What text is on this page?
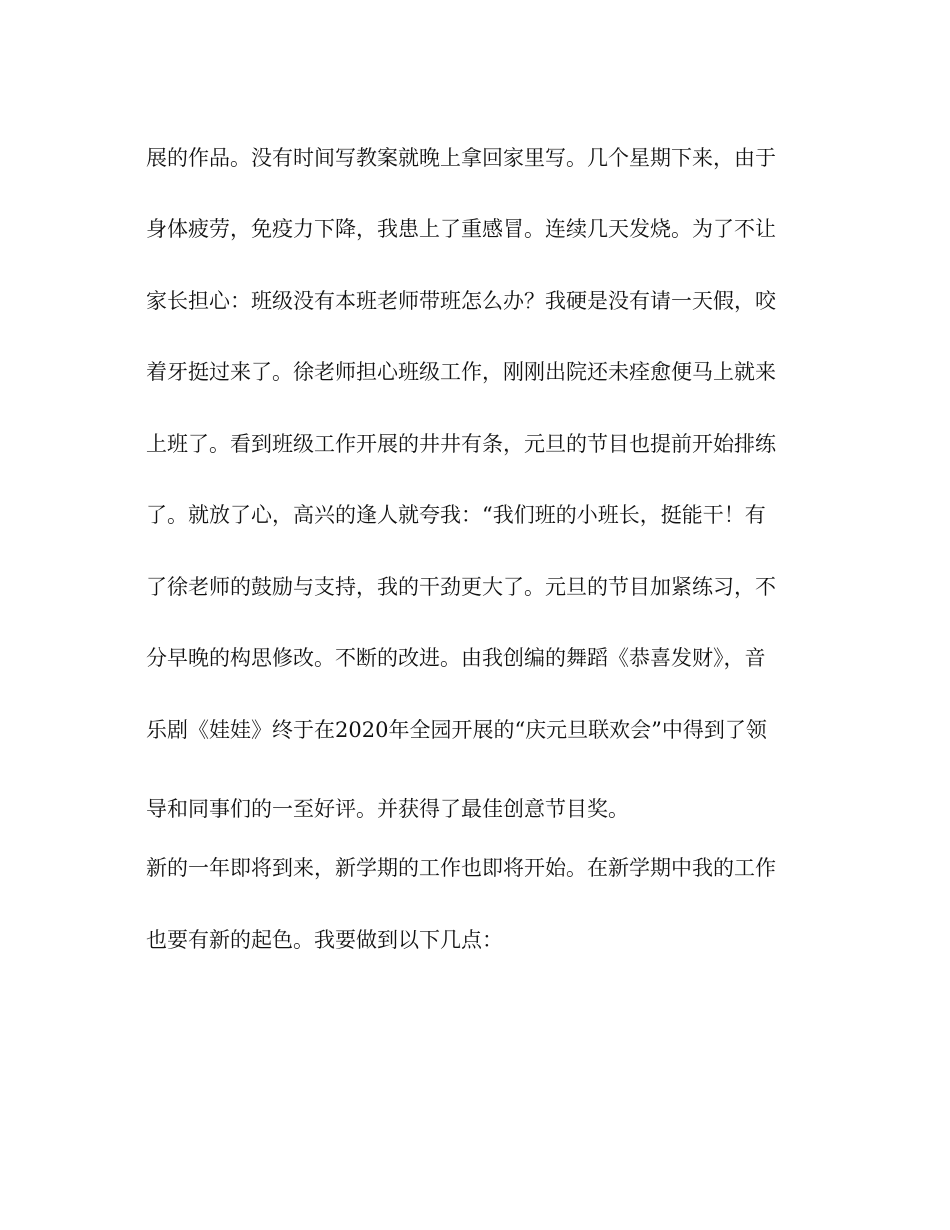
展的作品。没有时间写教案就晚上拿回家里写。几个星期下来，由于
身体疲劳，免疫力下降，我患上了重感冒。连续几天发烧。为了不让
家长担心：班级没有本班老师带班怎么办？我硬是没有请一天假，咬
着牙挺过来了。徐老师担心班级工作，刚刚出院还未痊愈便马上就来
上班了。看到班级工作开展的井井有条，元旦的节目也提前开始排练
了。就放了心，高兴的逢人就夸我：“我们班的小班长，挺能干！有
了徐老师的鼓励与支持，我的干劲更大了。元旦的节目加紧练习，不
分早晚的构思修改。不断的改进。由我创编的舞蹈《恭喜发财》，音
乐剧《娃娃》终于在2020年全园开展的“庆元旦联欢会”中得到了领
导和同事们的一至好评。并获得了最佳创意节目奖。
新的一年即将到来，新学期的工作也即将开始。在新学期中我的工作
也要有新的起色。我要做到以下几点：
